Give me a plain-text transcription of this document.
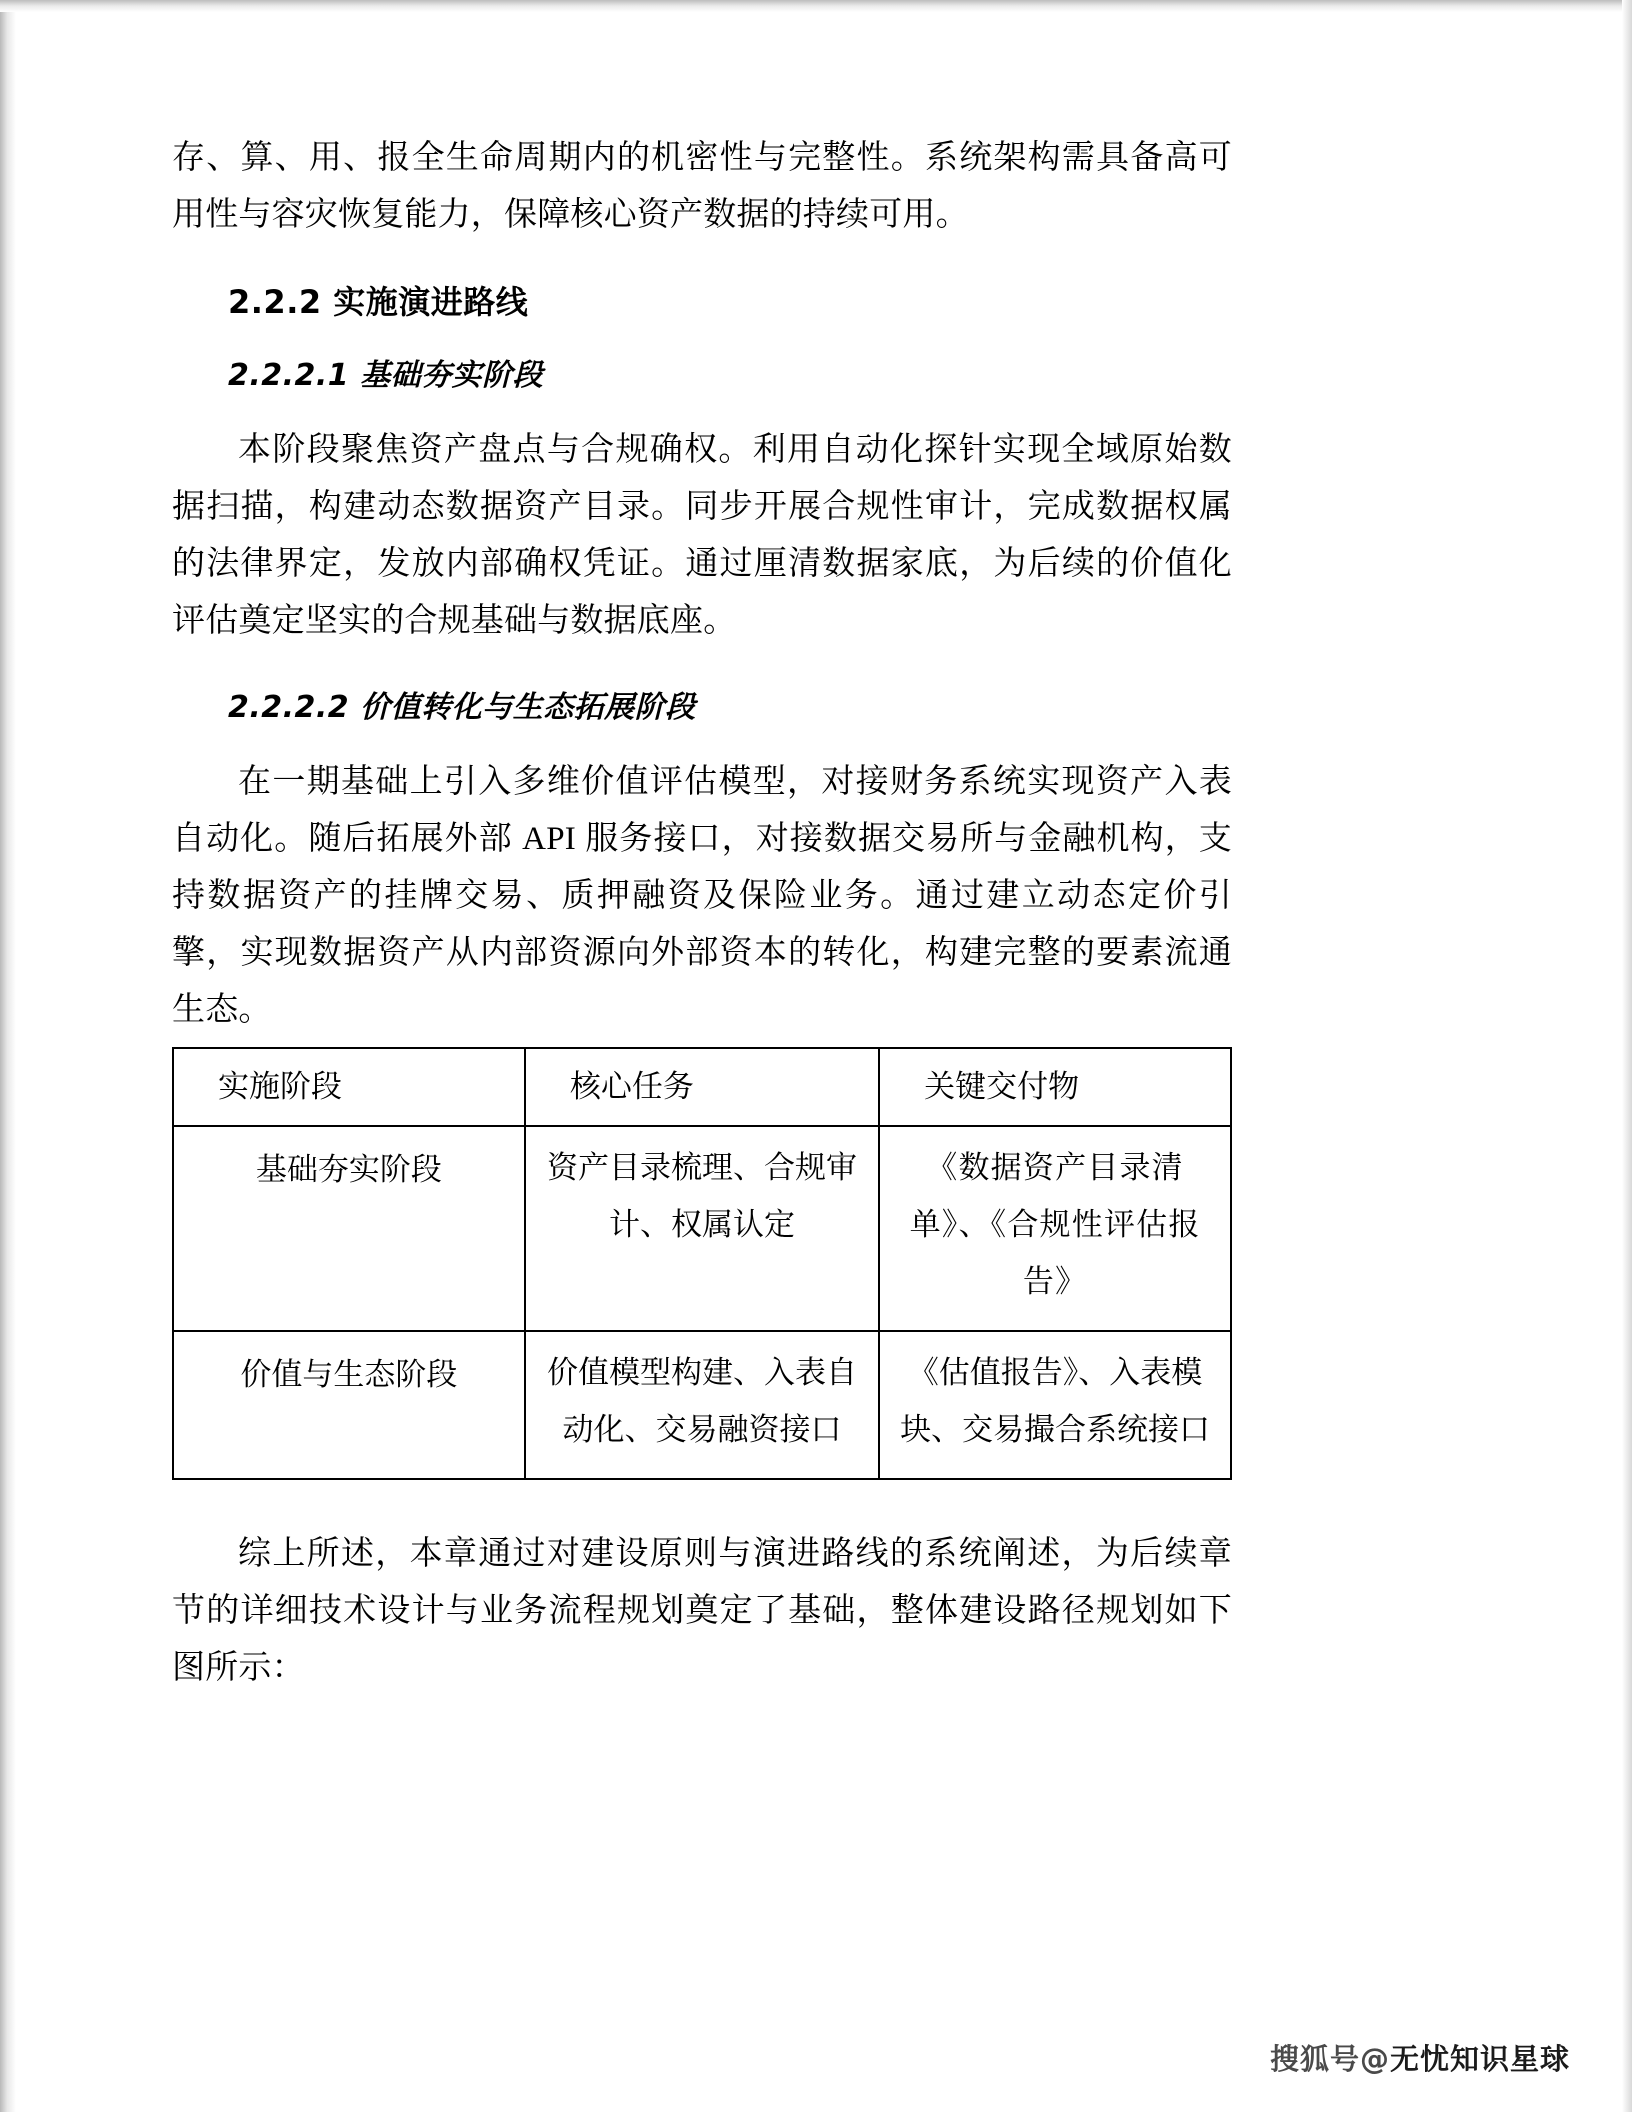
存、算、用、报全生命周期内的机密性与完整性。系统架构需具备高可用性与容灾恢复能力，保障核心资产数据的持续可用。

2.2.2 实施演进路线
2.2.2.1 基础夯实阶段

本阶段聚焦资产盘点与合规确权。利用自动化探针实现全域原始数据扫描，构建动态数据资产目录。同步开展合规性审计，完成数据权属的法律界定，发放内部确权凭证。通过厘清数据家底，为后续的价值化评估奠定坚实的合规基础与数据底座。

2.2.2.2 价值转化与生态拓展阶段

在一期基础上引入多维价值评估模型，对接财务系统实现资产入表自动化。随后拓展外部 API 服务接口，对接数据交易所与金融机构，支持数据资产的挂牌交易、质押融资及保险业务。通过建立动态定价引擎，实现数据资产从内部资源向外部资本的转化，构建完整的要素流通生态。

实施阶段	核心任务	关键交付物

基础夯实阶段	资产目录梳理、合规审计、权属认定	《数据资产目录清单》、《合规性评估报告》

价值与生态阶段	价值模型构建、入表自动化、交易融资接口	《估值报告》、入表模块、交易撮合系统接口

综上所述，本章通过对建设原则与演进路线的系统阐述，为后续章节的详细技术设计与业务流程规划奠定了基础，整体建设路径规划如下图所示：

搜狐号@无忧知识星球
